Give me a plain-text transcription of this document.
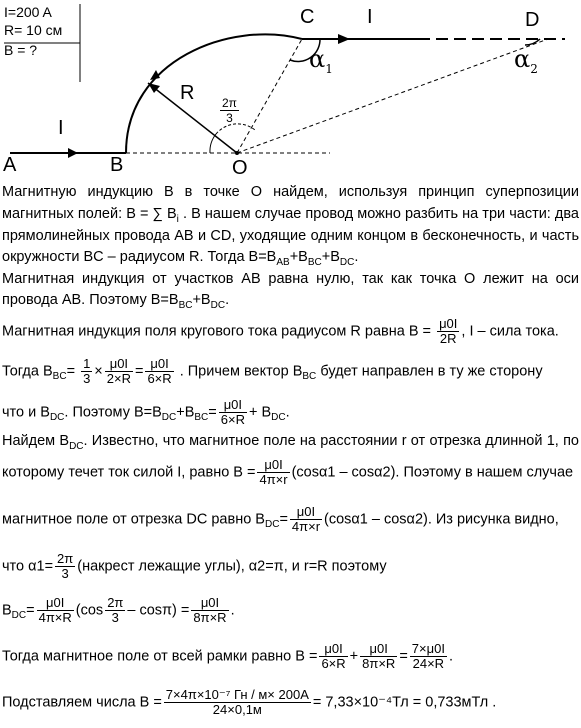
I=200 A
R= 10 см
B = ?
A	B	O
C	D
R
I
I
$\alpha_1$	$\alpha_2$
$\frac{2\pi}{3}$
Магнитную индукцию B в точке O найдем, используя принцип суперпозиции
магнитных полей: B = ∑ $B_i$ . В нашем случае провод можно разбить на три части: два
прямолинейных провода AB и CD, уходящие одним концом в бесконечность, и часть
окружности BC – радиусом R. Тогда $B=B_{AB}+B_{BC}+B_{DC}$.
Магнитная индукция от участков AB равна нулю, так как точка O лежит на оси
провода AB. Поэтому $B=B_{BC}+B_{DC}$.
Магнитная индукция поля кругового тока радиусом R равна $B = \frac{\mu 0I}{2R}$ , I – сила тока.
Тогда $B_{BC}= \frac{1}{3} \times \frac{\mu 0I}{2\times R} = \frac{\mu 0I}{6\times R}$ . Причем вектор $B_{BC}$ будет направлен в ту же сторону
что и $B_{DC}$. Поэтому $B=B_{DC}+B_{BC}= \frac{\mu 0I}{6\times R} + B_{DC}$.
Найдем $B_{DC}$. Известно, что магнитное поле на расстоянии r от отрезка длинной 1, по
которому течет ток силой I, равно $B = \frac{\mu 0I}{4\pi\times r} (\cos\alpha 1 - \cos\alpha 2)$. Поэтому в нашем случае
магнитное поле от отрезка DC равно $B_{DC}= \frac{\mu 0I}{4\pi\times r} (\cos\alpha 1 - \cos\alpha 2)$. Из рисунка видно,
что $\alpha 1= \frac{2\pi}{3}$ (накрест лежащие углы), α2=π, и r=R поэтому
$B_{DC}= \frac{\mu 0I}{4\pi\times R} (\cos \frac{2\pi}{3} - \cos\pi) = \frac{\mu 0I}{8\pi\times R}$ .
Тогда магнитное поле от всей рамки равно $B = \frac{\mu 0I}{6\times R} + \frac{\mu 0I}{8\pi\times R} = \frac{7\times\mu 0I}{24\times R}$ .
Подставляем числа $B = \frac{\text{7×4π×10⁻⁷ Гн / м× 200А}}{24\times 0,1м} = 7,33\times 10^{-4}Тл = 0,733мТл$ .
